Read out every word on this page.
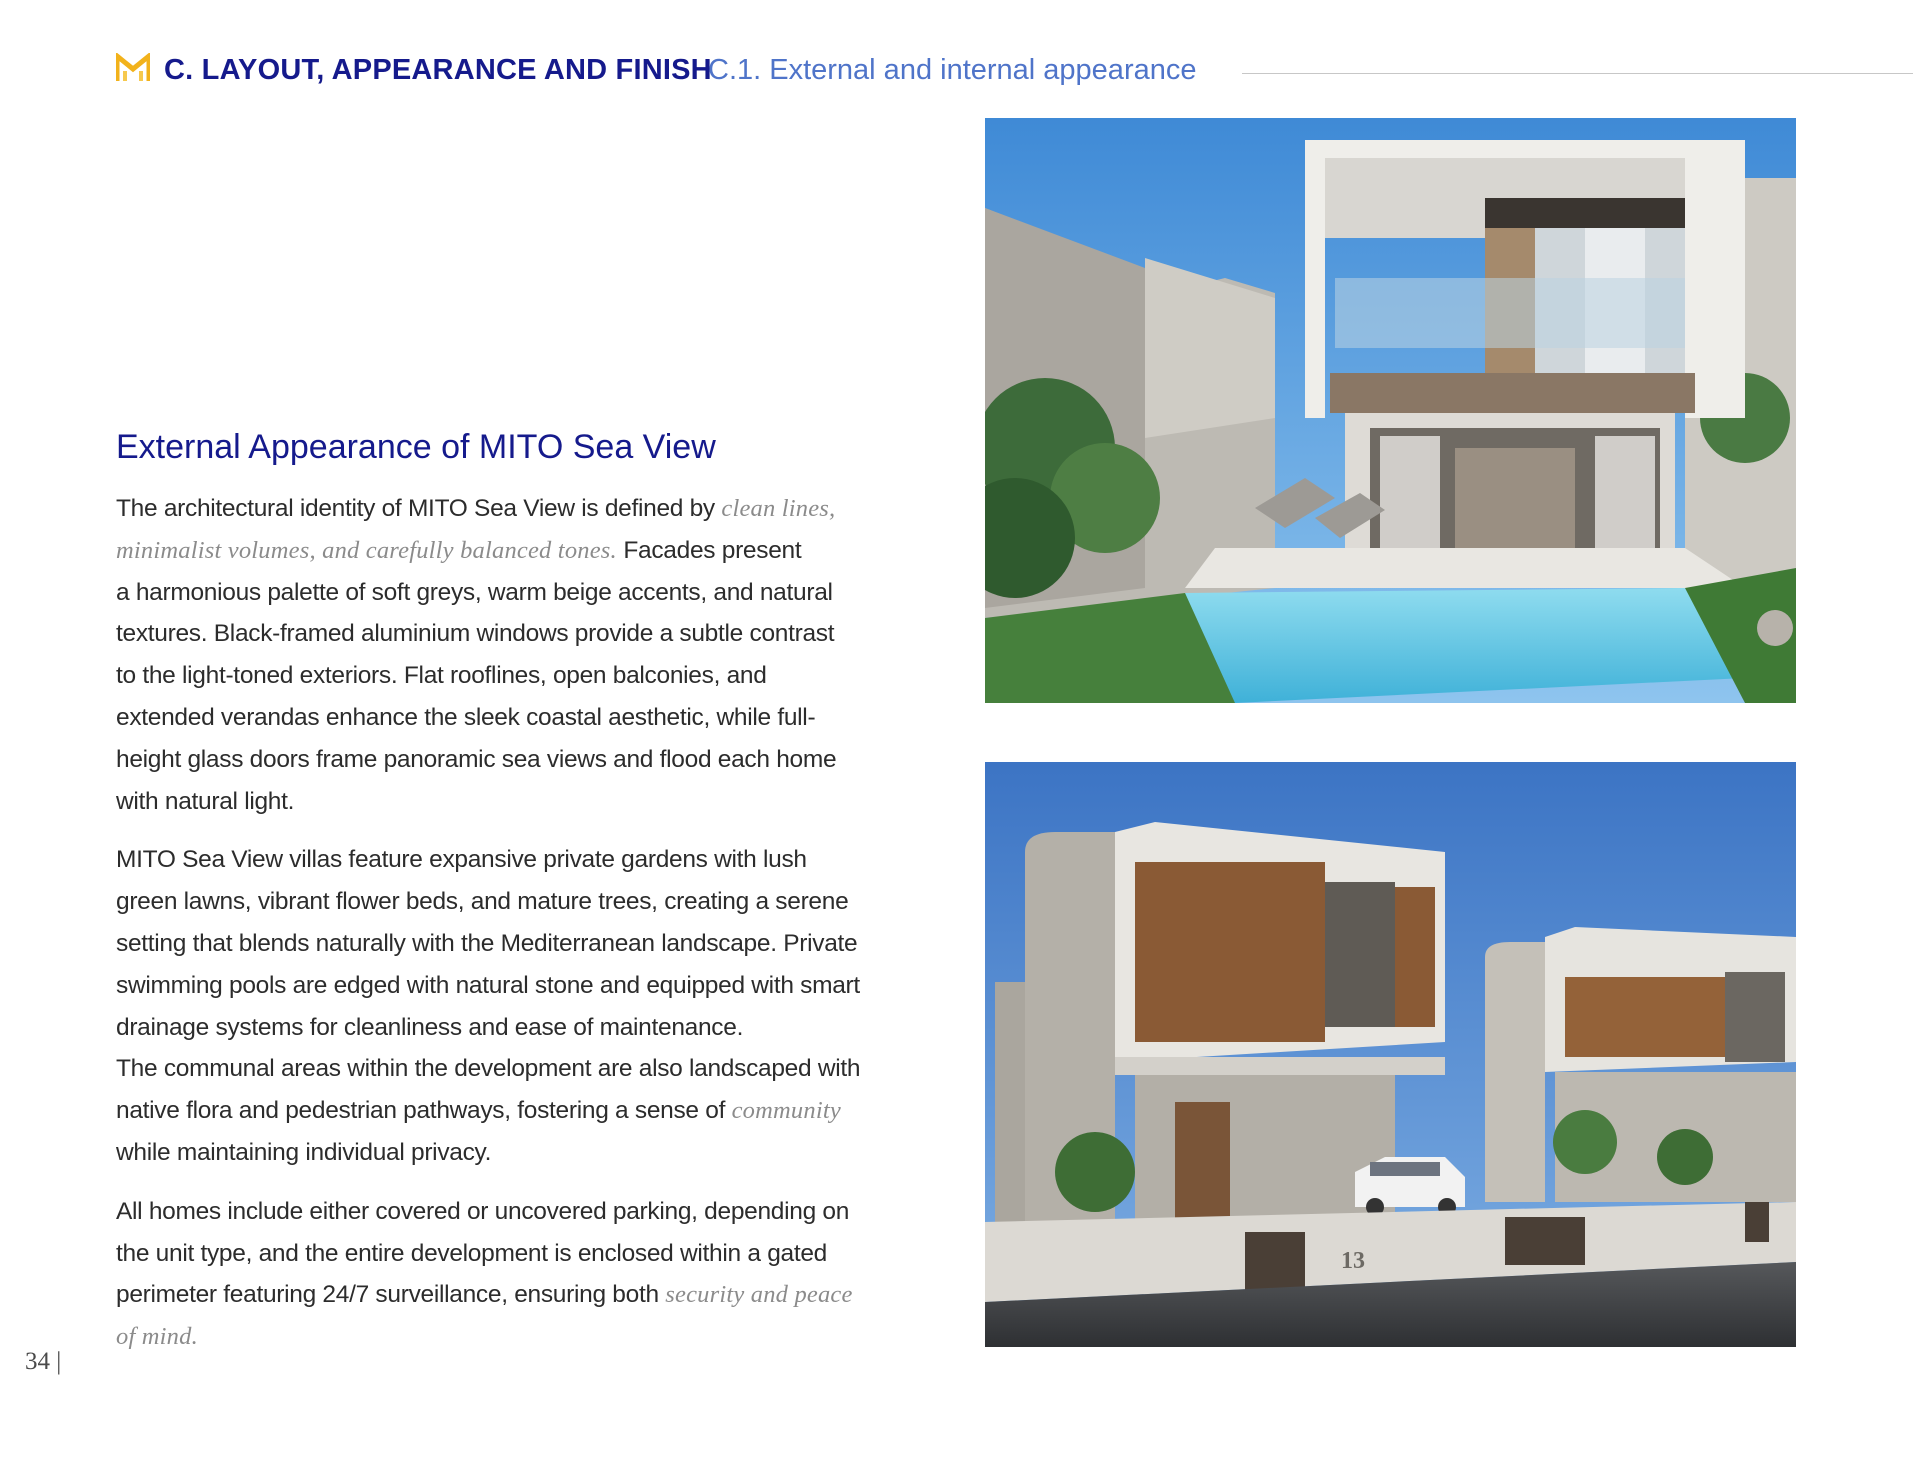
C. LAYOUT, APPEARANCE AND FINISH
C.1. External and internal appearance
External Appearance of MITO Sea View

The architectural identity of MITO Sea View is defined by clean lines,
minimalist volumes, and carefully balanced tones. Facades present
a harmonious palette of soft greys, warm beige accents, and natural
textures. Black-framed aluminium windows provide a subtle contrast
to the light-toned exteriors. Flat rooflines, open balconies, and
extended verandas enhance the sleek coastal aesthetic, while full-
height glass doors frame panoramic sea views and flood each home
with natural light.

MITO Sea View villas feature expansive private gardens with lush
green lawns, vibrant flower beds, and mature trees, creating a serene
setting that blends naturally with the Mediterranean landscape. Private
swimming pools are edged with natural stone and equipped with smart
drainage systems for cleanliness and ease of maintenance.
The communal areas within the development are also landscaped with
native flora and pedestrian pathways, fostering a sense of community
while maintaining individual privacy.

All homes include either covered or uncovered parking, depending on
the unit type, and the entire development is enclosed within a gated
perimeter featuring 24/7 surveillance, ensuring both security and peace
of mind.

13
34 |
